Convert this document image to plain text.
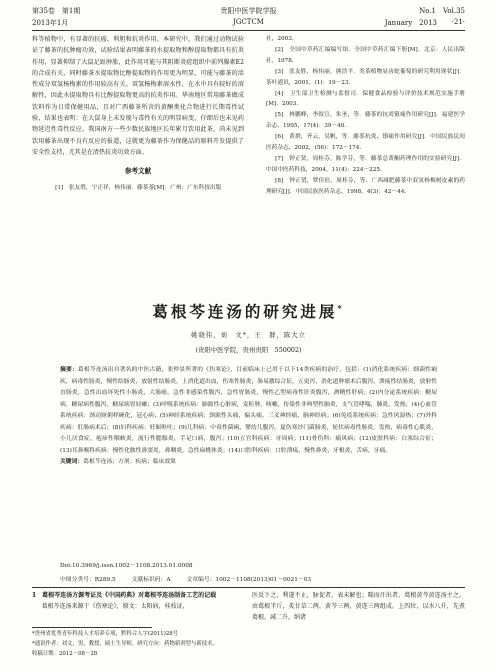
第35卷　第1期	贵阳中医学院学报	No.1　Vol.35
2013年1月	JGCTCM	January　2013 ·21·

科等植物中，有显著的抗癌、利胆和抗炎作用。本研究中，我们通过动物试验证了藤茶的抗肿瘤功效，试验结果表明藤茶的水提取物和醇提取物都具有抗炎作用，显著抑制了大鼠足趾肿胀，此作用可能与其阻断炎症组织中前列腺素E2的合成有关，同时藤茶水提取物比醇提取物的作用更为明显，可能与藤茶的活性成分双氢杨梅素的作用较高有关。双氢杨梅素溶水性，在水中具有较好的溶解性，因此水提取物具有比醇提取物更高的抗炎作用。华南地区常用藤茶做成饮料作为日常保健用品，且对广西藤茶所含的黄酮类化合物进行长期毒性试验，结果也表明：在大鼠身上未发现与毒性有关的明显病变，仔细后也未见药物延迟性毒性反应。我国南方一些少数民族地区长年累月饮用此茶，尚未见到饮用藤茶出现不良有反应的报道，这就更为藤茶作为保健品的原料开发提供了安全性支持，尤其是在清热抗炎功效方面。

参考文献

[1]　张友胜，宁正祥，杨伟丽．藤茶茶[M]．广州：广东科技出版

社，2003.

[2]　全国中草药汇编编写组．全国中草药汇编下册[M]．北京：人民出版社，1978.

[3]　张友胜，杨伟丽，熊浩平．类茶植物显齿蛇葡萄的研究利用现状[J]．茶叶通讯，2001，(1)：19－23.

[4]　卫生部卫生检测与监督司．保健食品检验与评价技术规范实施手册[M]．2003.

[5]　林鹏峰，李叙宣，朱圣，等．藤茶的抗炎镇痛作用研究[J]．福建医学杂志，1995，17(4)：39－40.

[6]　黄群，齐云，吴帆，等．藤茶抗炎、镇痛作用研究[J]．中国民族民间医药杂志，2002，(56)：172－174.

[7]　钟正贤，周桂芬，陈学芬，等．藤茶总黄酮药理作用的实验研究[J]．中国中医药科技，2004，11(4)：224－225.

[8]　钟正贤，覃佳倍，周桂芬，等．广西减肥藤茶中双氢杨梅树皮素的药理研究[J]．中国民族医药杂志，1998，4(3)：42－44.

葛根芩连汤的研究进展*
姚晓伟，刘　文*，王　群，陈大立
(贵阳中医学院，贵州贵阳　550002)
摘要：葛根芩连汤出自著名的中医古籍，张仲景所著的《伤寒论》，目前临床上已用于以下14类疾病的治疗，包括：(1)消化系统疾病：细菌性痢疾，病毒性肠炎，慢性结肠炎，放射性结肠炎，上消化道出血，伤寒性肠炎，肠易激综合征，五更泻，消化道肿瘤术后腹泻，溃疡性结肠炎，放射性直肠炎，急性出血坏死性小肠炎，大肠癌，急性非感染性腹泻，急性胃肠炎，慢性乙型病毒性肝炎腹泻，酒精性肝病；(2)内分泌系统疾病：糖尿病，糖尿病性腹泻，糖尿病胃轻瘫；(3)呼吸系统疾病：肺源性心脏病，麦粒肿，咳嗽，传染性非典型性肺炎，支气管哮喘，肺炎，发热；(4)心血管系统疾病：颈动脉粥样硬化，冠心病；(5)神经系统疾病：颈源性头痛，偏头痛，三叉神经痛，脑神经病；(6)免疫系统疾病：急性风湿热；(7)外科疾病：肛肠病术后；(8)妇科疾病：妊娠呕吐；(9)儿科病：中毒性菌痢，婴幼儿腹泻，夏伤寒沙门菌肠炎，轮状病毒性肠炎，发热，病毒性心肌炎，小儿厌食症，疱疹性咽峡炎，流行性腮腺炎，手足口病，腹泻；(10)五官科疾病：牙周病；(11)骨伤科：痛风病；(12)皮肤科病：白塞综合征；(13)耳鼻喉科疾病：慢性化脓性鼻窦炎，鼻咽炎，急性扁桃体炎；(14)口腔科疾病：口腔溃疡，慢性鼻炎，牙根炎，舌病，牙痛。
关键词：葛根芩连汤；方剂；疾病；临床效果
Doi:10.3969/j.issn.1002－1108.2013.01.0008
中图分类号：R289.5	文献标识码：A	文章编号：1002－1108(2013)01－0021－03

1　葛根芩连汤方源考证及《中国药典》对葛根芩连汤制备工艺的记载

葛根芩连汤来源于《伤寒论》，原文：太阳病，桂枝证，

医反下之，利遂不止，脉促者，表未解也；喘而汗出者，葛根黄芩黄连汤主之。由葛根半斤，炙甘草二两，黄芩三两，黄连三两组成。上四位，以水八升，先煮葛根，减二升，纳诸

*贵州省优秀青年科技人才培养专项，黔科合人字(2011)28号
*通讯作者：刘文，男，教授，硕士生导师，研究方向：药物新剂型与新技术。
收稿日期：2012－08－28
